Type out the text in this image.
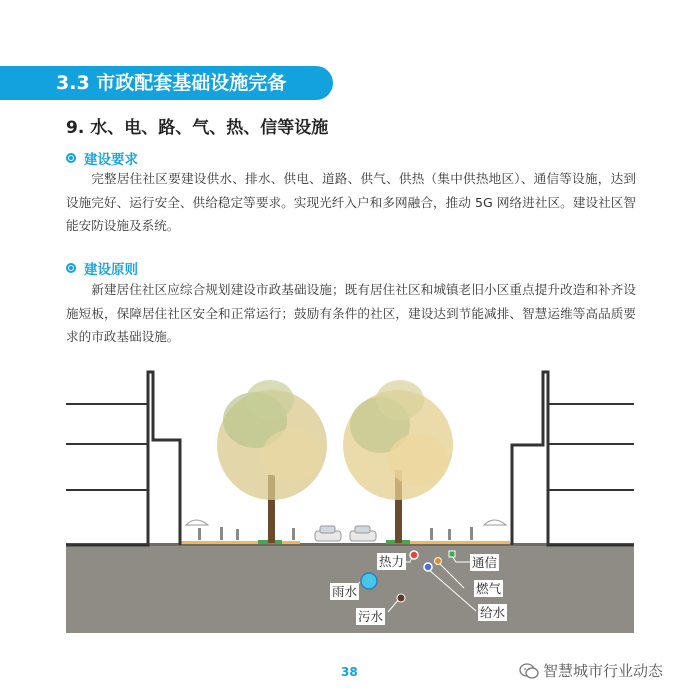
3.3 市政配套基础设施完备
9. 水、电、路、气、热、信等设施
建设要求

完整居住社区要建设供水、排水、供电、道路、供气、供热（集中供热地区）、通信等设施，达到设施完好、运行安全、供给稳定等要求。实现光纤入户和多网融合，推动 5G 网络进社区。建设社区智能安防设施及系统。

建设原则

新建居住社区应综合规划建设市政基础设施；既有居住社区和城镇老旧小区重点提升改造和补齐设施短板，保障居住社区安全和正常运行；鼓励有条件的社区，建设达到节能减排、智慧运维等高品质要求的市政基础设施。

热力	通信
雨水	燃气
污水	给水
38	智慧城市行业动态
